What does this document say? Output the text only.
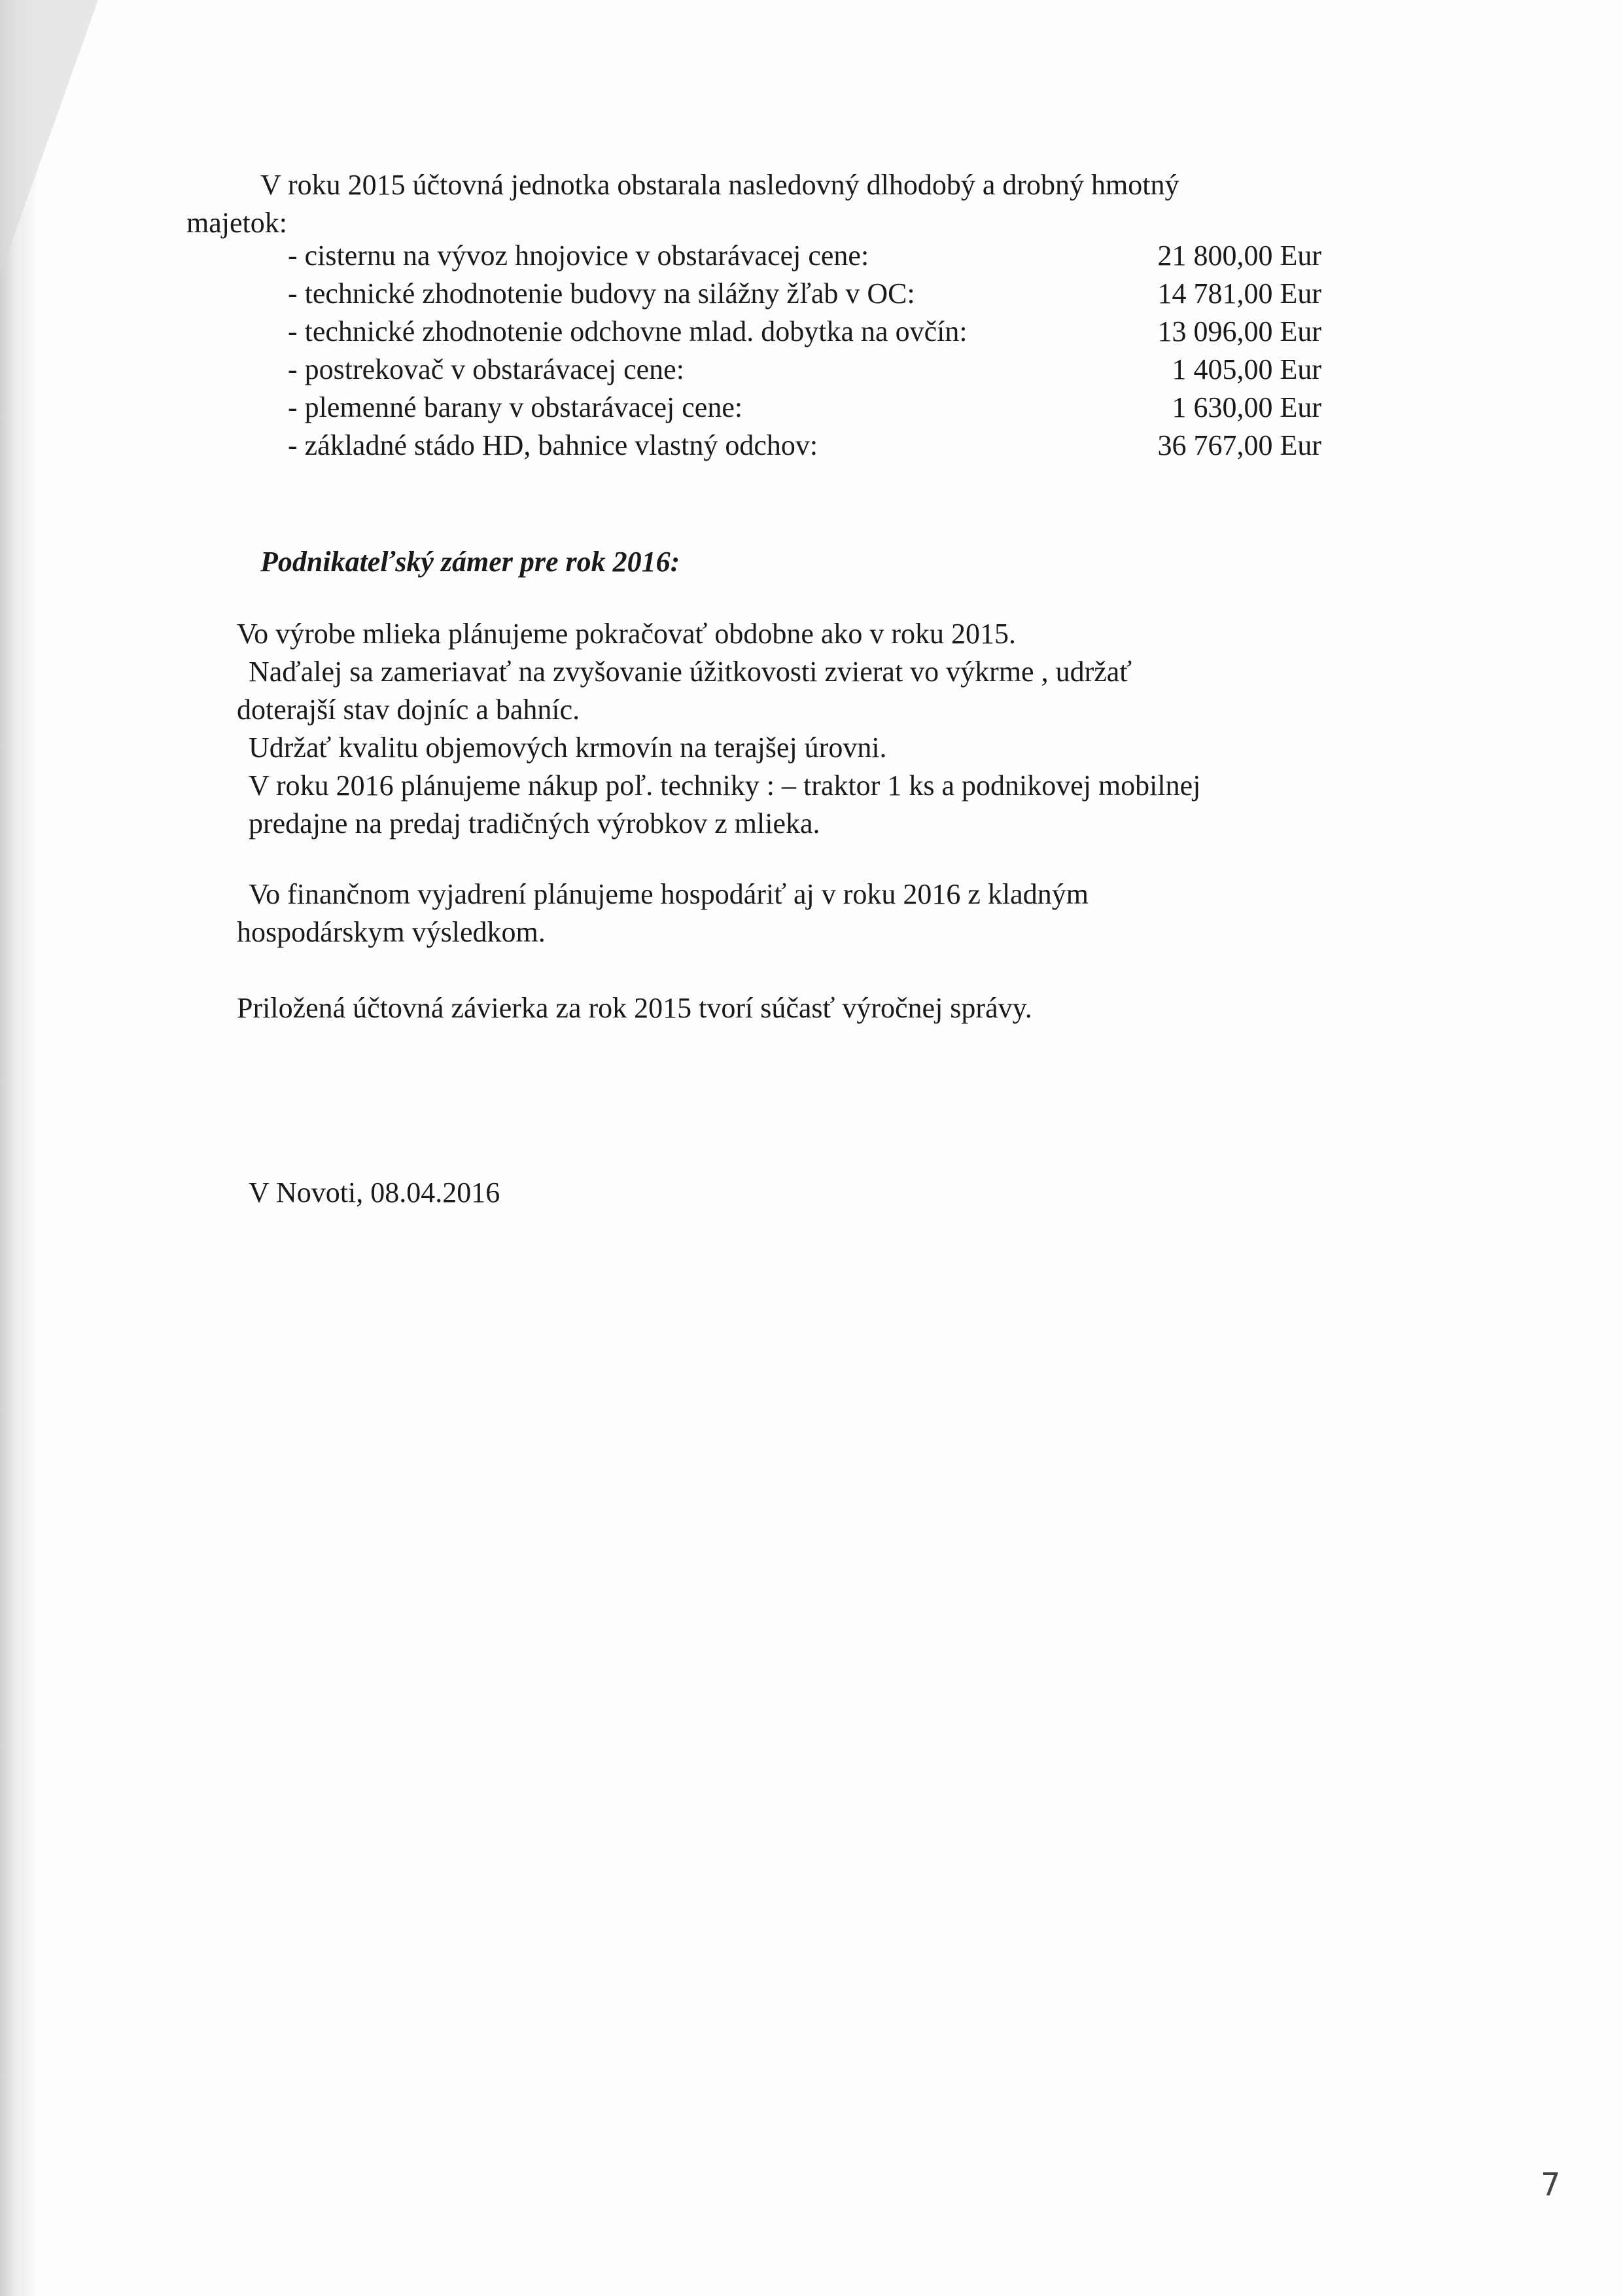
V roku 2015 účtovná jednotka obstarala nasledovný dlhodobý a drobný hmotný
majetok:
- cisternu na vývoz hnojovice v obstarávacej cene:	21 800,00 Eur
- technické zhodnotenie budovy na silážny žľab v OC:	14 781,00 Eur
- technické zhodnotenie odchovne mlad. dobytka na ovčín:	13 096,00 Eur
- postrekovač v obstarávacej cene:	1 405,00 Eur
- plemenné barany v obstarávacej cene:	1 630,00 Eur
- základné stádo HD, bahnice vlastný odchov:	36 767,00 Eur
Podnikateľský zámer pre rok 2016:
Vo výrobe mlieka plánujeme pokračovať obdobne ako v roku 2015.
Naďalej sa zameriavať na zvyšovanie úžitkovosti zvierat vo výkrme , udržať
doterajší stav dojníc a bahníc.
Udržať kvalitu objemových krmovín na terajšej úrovni.
V roku 2016 plánujeme nákup poľ. techniky : – traktor 1 ks a podnikovej mobilnej
predajne na predaj tradičných výrobkov z mlieka.
Vo finančnom vyjadrení plánujeme hospodáriť aj v roku 2016 z kladným
hospodárskym výsledkom.
Priložená účtovná závierka za rok 2015 tvorí súčasť výročnej správy.
V Novoti, 08.04.2016
7
